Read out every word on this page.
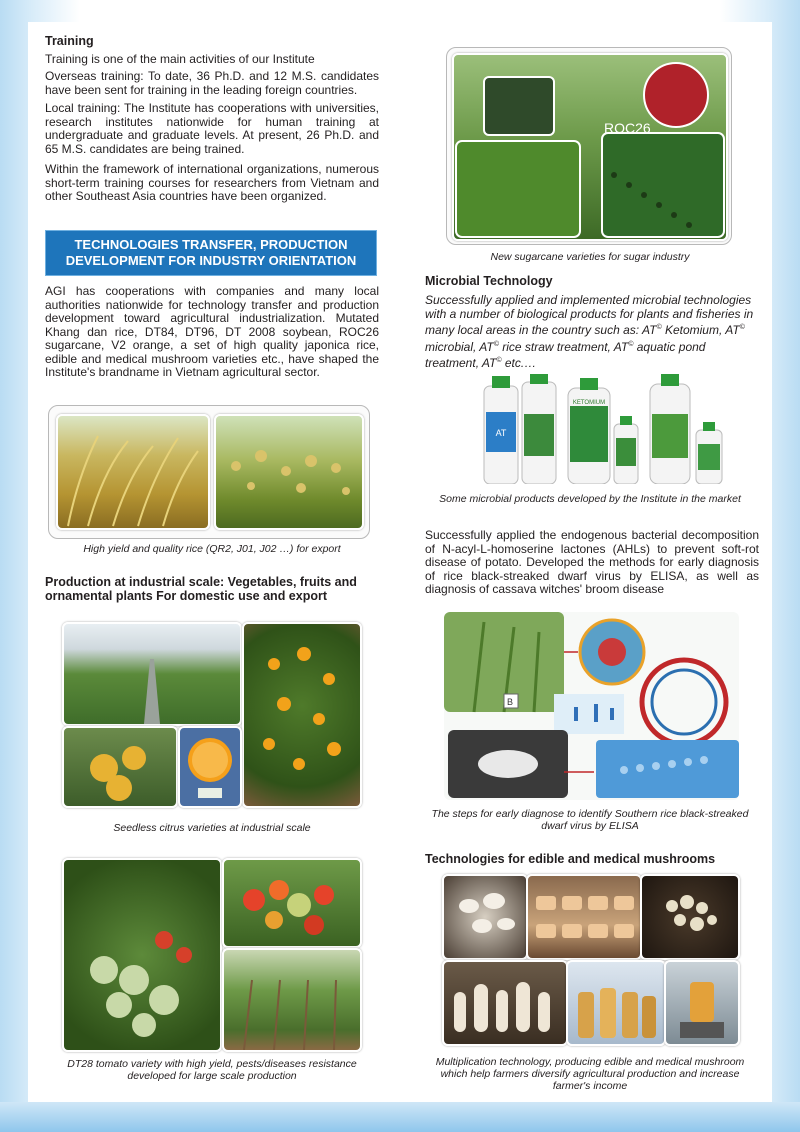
Training

Training is one of the main activities of our Institute

Overseas training: To date, 36 Ph.D. and 12 M.S. candidates have been sent for training in the leading foreign countries.

Local training: The Institute has cooperations with universities, research institutes nationwide for human training at undergraduate and graduate levels. At present, 26 Ph.D. and 65 M.S. candidates are being trained.

Within the framework of international organizations, numerous short-term training courses for researchers from Vietnam and other Southeast Asia countries have been organized.

TECHNOLOGIES TRANSFER, PRODUCTION
DEVELOPMENT FOR INDUSTRY ORIENTATION

AGI has cooperations with companies and many local authorities nationwide for technology transfer and production development toward agricultural industrialization. Mutated Khang dan rice, DT84, DT96, DT 2008 soybean, ROC26 sugarcane, V2 orange, a set of high quality japonica rice, edible and medical mushroom varieties etc., have shaped the Institute's brandname in Vietnam agricultural sector.

High yield and quality rice (QR2, J01, J02 …) for export
Production at industrial scale: Vegetables, fruits and ornamental plants For domestic use and export
Seedless citrus varieties at industrial scale
DT28 tomato variety with high yield, pests/diseases resistance developed for large scale production
ROC26
New sugarcane varieties for sugar industry
Microbial Technology

Successfully applied and implemented microbial technologies with a number of biological products for plants and fisheries in many local areas in the country such as: AT© Ketomium, AT© microbial, AT© rice straw treatment, AT© aquatic pond treatment, AT© etc.…

AT
KETOMIUM
Some microbial products developed by the Institute in the market

Successfully applied the endogenous bacterial decomposition of N-acyl-L-homoserine lactones (AHLs) to prevent soft-rot disease of potato. Developed the methods for early diagnosis of rice black-streaked dwarf virus by ELISA, as well as diagnosis of cassava witches' broom disease

B
The steps for early diagnose to identify Southern rice black-streaked dwarf virus by ELISA
Technologies for edible and medical mushrooms
Multiplication technology, producing edible and medical mushroom which help farmers diversify agricultural production and increase farmer's income
